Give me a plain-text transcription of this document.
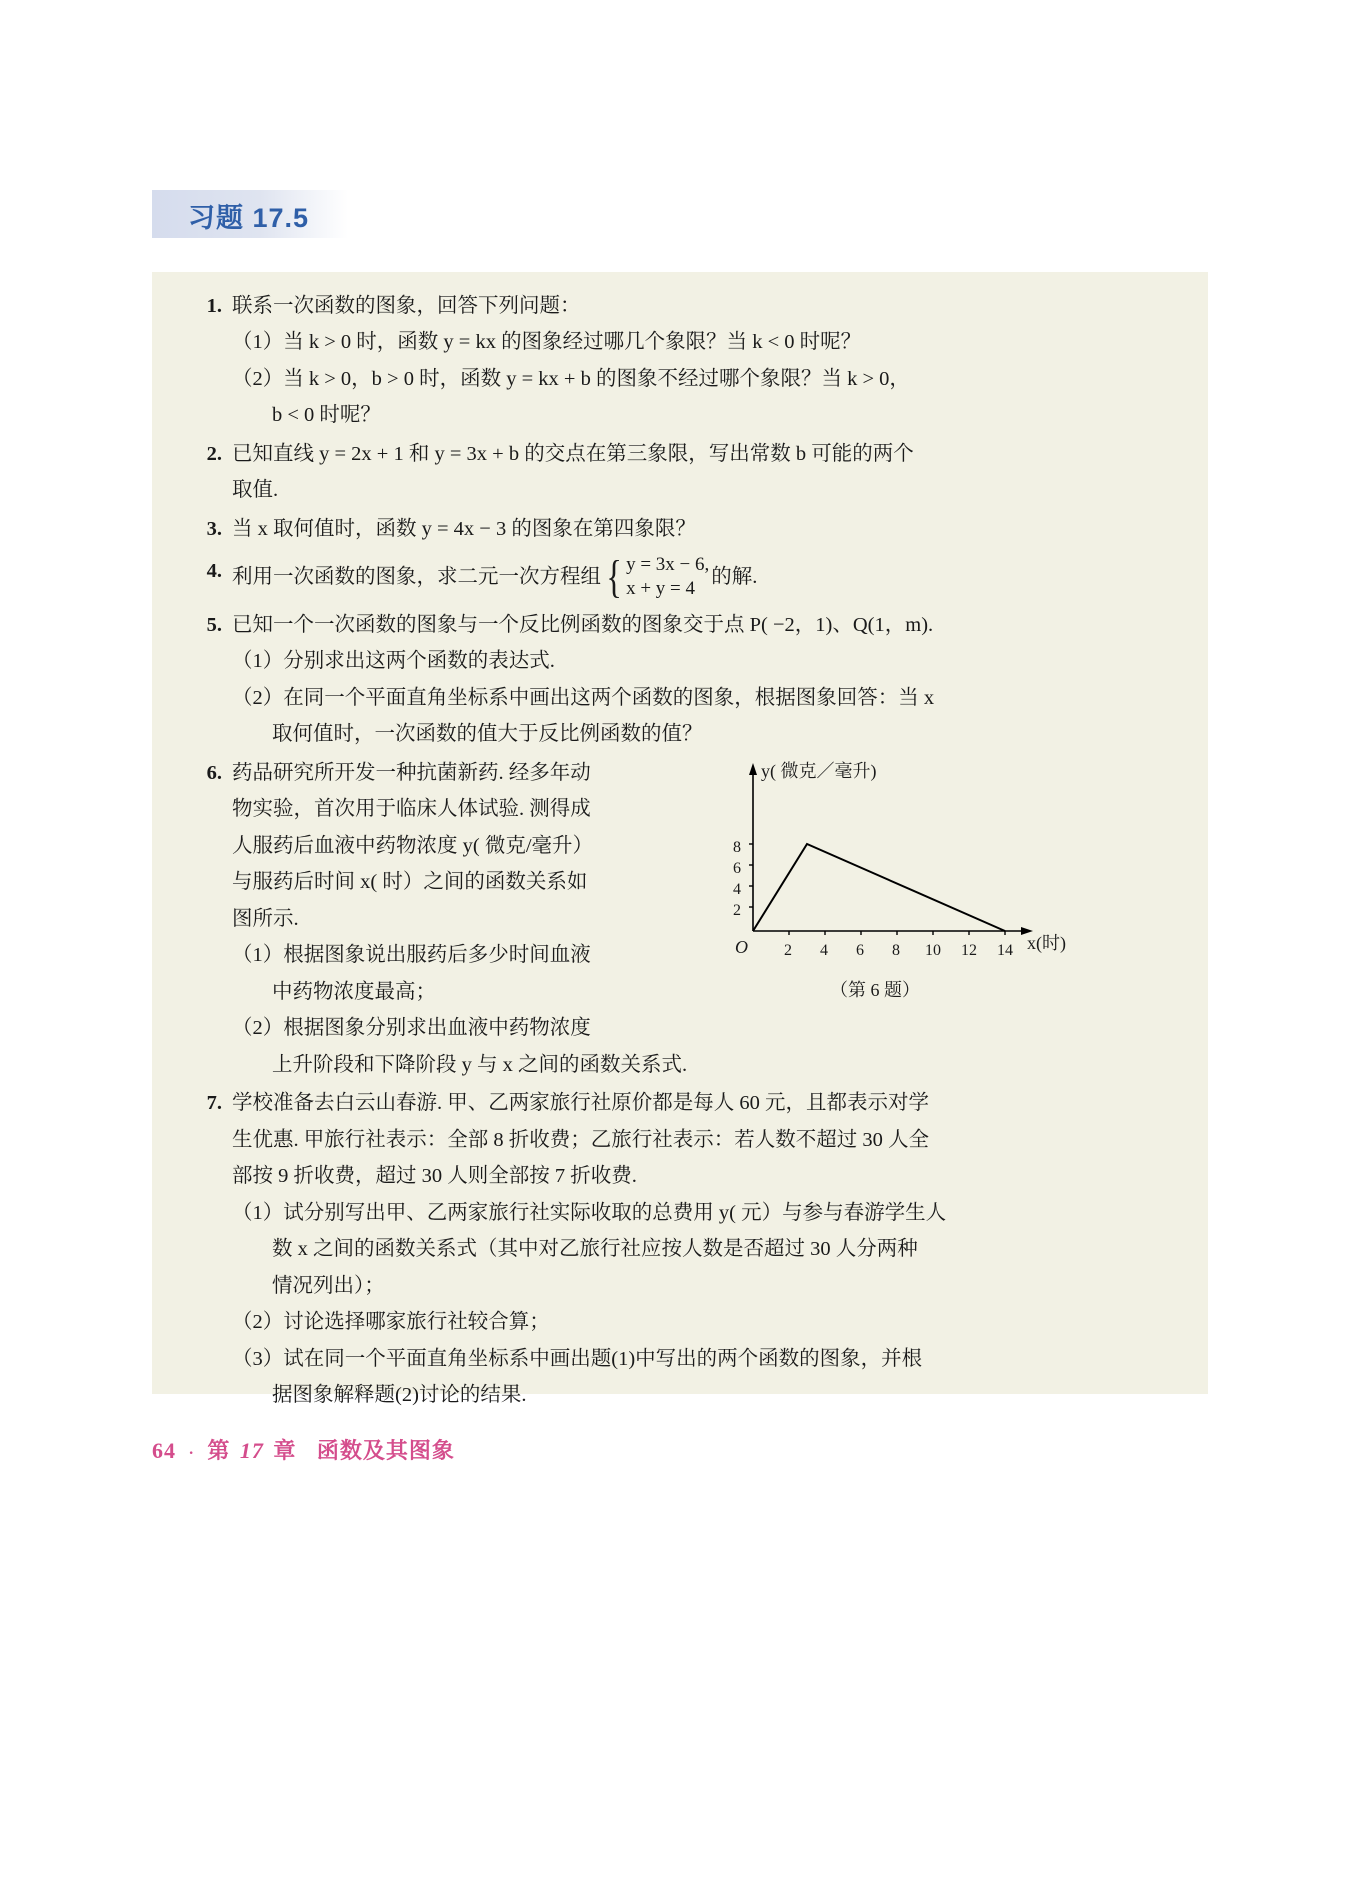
习题 17.5
1. 联系一次函数的图象，回答下列问题：
（1）当 k > 0 时，函数 y = kx 的图象经过哪几个象限？当 k < 0 时呢？
（2）当 k > 0，b > 0 时，函数 y = kx + b 的图象不经过哪个象限？当 k > 0，
b < 0 时呢？
2. 已知直线 y = 2x + 1 和 y = 3x + b 的交点在第三象限，写出常数 b 可能的两个
取值.
3. 当 x 取何值时，函数 y = 4x − 3 的图象在第四象限？
4. 利用一次函数的图象，求二元一次方程组 { y = 3x − 6,
x + y = 4
的解.
5. 已知一个一次函数的图象与一个反比例函数的图象交于点 P( −2，1)、Q(1，m).
（1）分别求出这两个函数的表达式.
（2）在同一个平面直角坐标系中画出这两个函数的图象，根据图象回答：当 x
取何值时，一次函数的值大于反比例函数的值？
6. 药品研究所开发一种抗菌新药. 经多年动
物实验，首次用于临床人体试验. 测得成
人服药后血液中药物浓度 y( 微克/毫升）
与服药后时间 x( 时）之间的函数关系如
图所示.
（1）根据图象说出服药后多少时间血液
中药物浓度最高；
（2）根据图象分别求出血液中药物浓度
y( 微克／毫升)
x(时)
O
2
4
6
8
2 4 6 8 10 12 14
（第 6 题）
上升阶段和下降阶段 y 与 x 之间的函数关系式.
7. 学校准备去白云山春游. 甲、乙两家旅行社原价都是每人 60 元，且都表示对学
生优惠. 甲旅行社表示：全部 8 折收费；乙旅行社表示：若人数不超过 30 人全
部按 9 折收费，超过 30 人则全部按 7 折收费.
（1）试分别写出甲、乙两家旅行社实际收取的总费用 y( 元）与参与春游学生人
数 x 之间的函数关系式（其中对乙旅行社应按人数是否超过 30 人分两种
情况列出）；
（2）讨论选择哪家旅行社较合算；
（3）试在同一个平面直角坐标系中画出题(1)中写出的两个函数的图象，并根
据图象解释题(2)讨论的结果.
64 · 第 17 章 函数及其图象
